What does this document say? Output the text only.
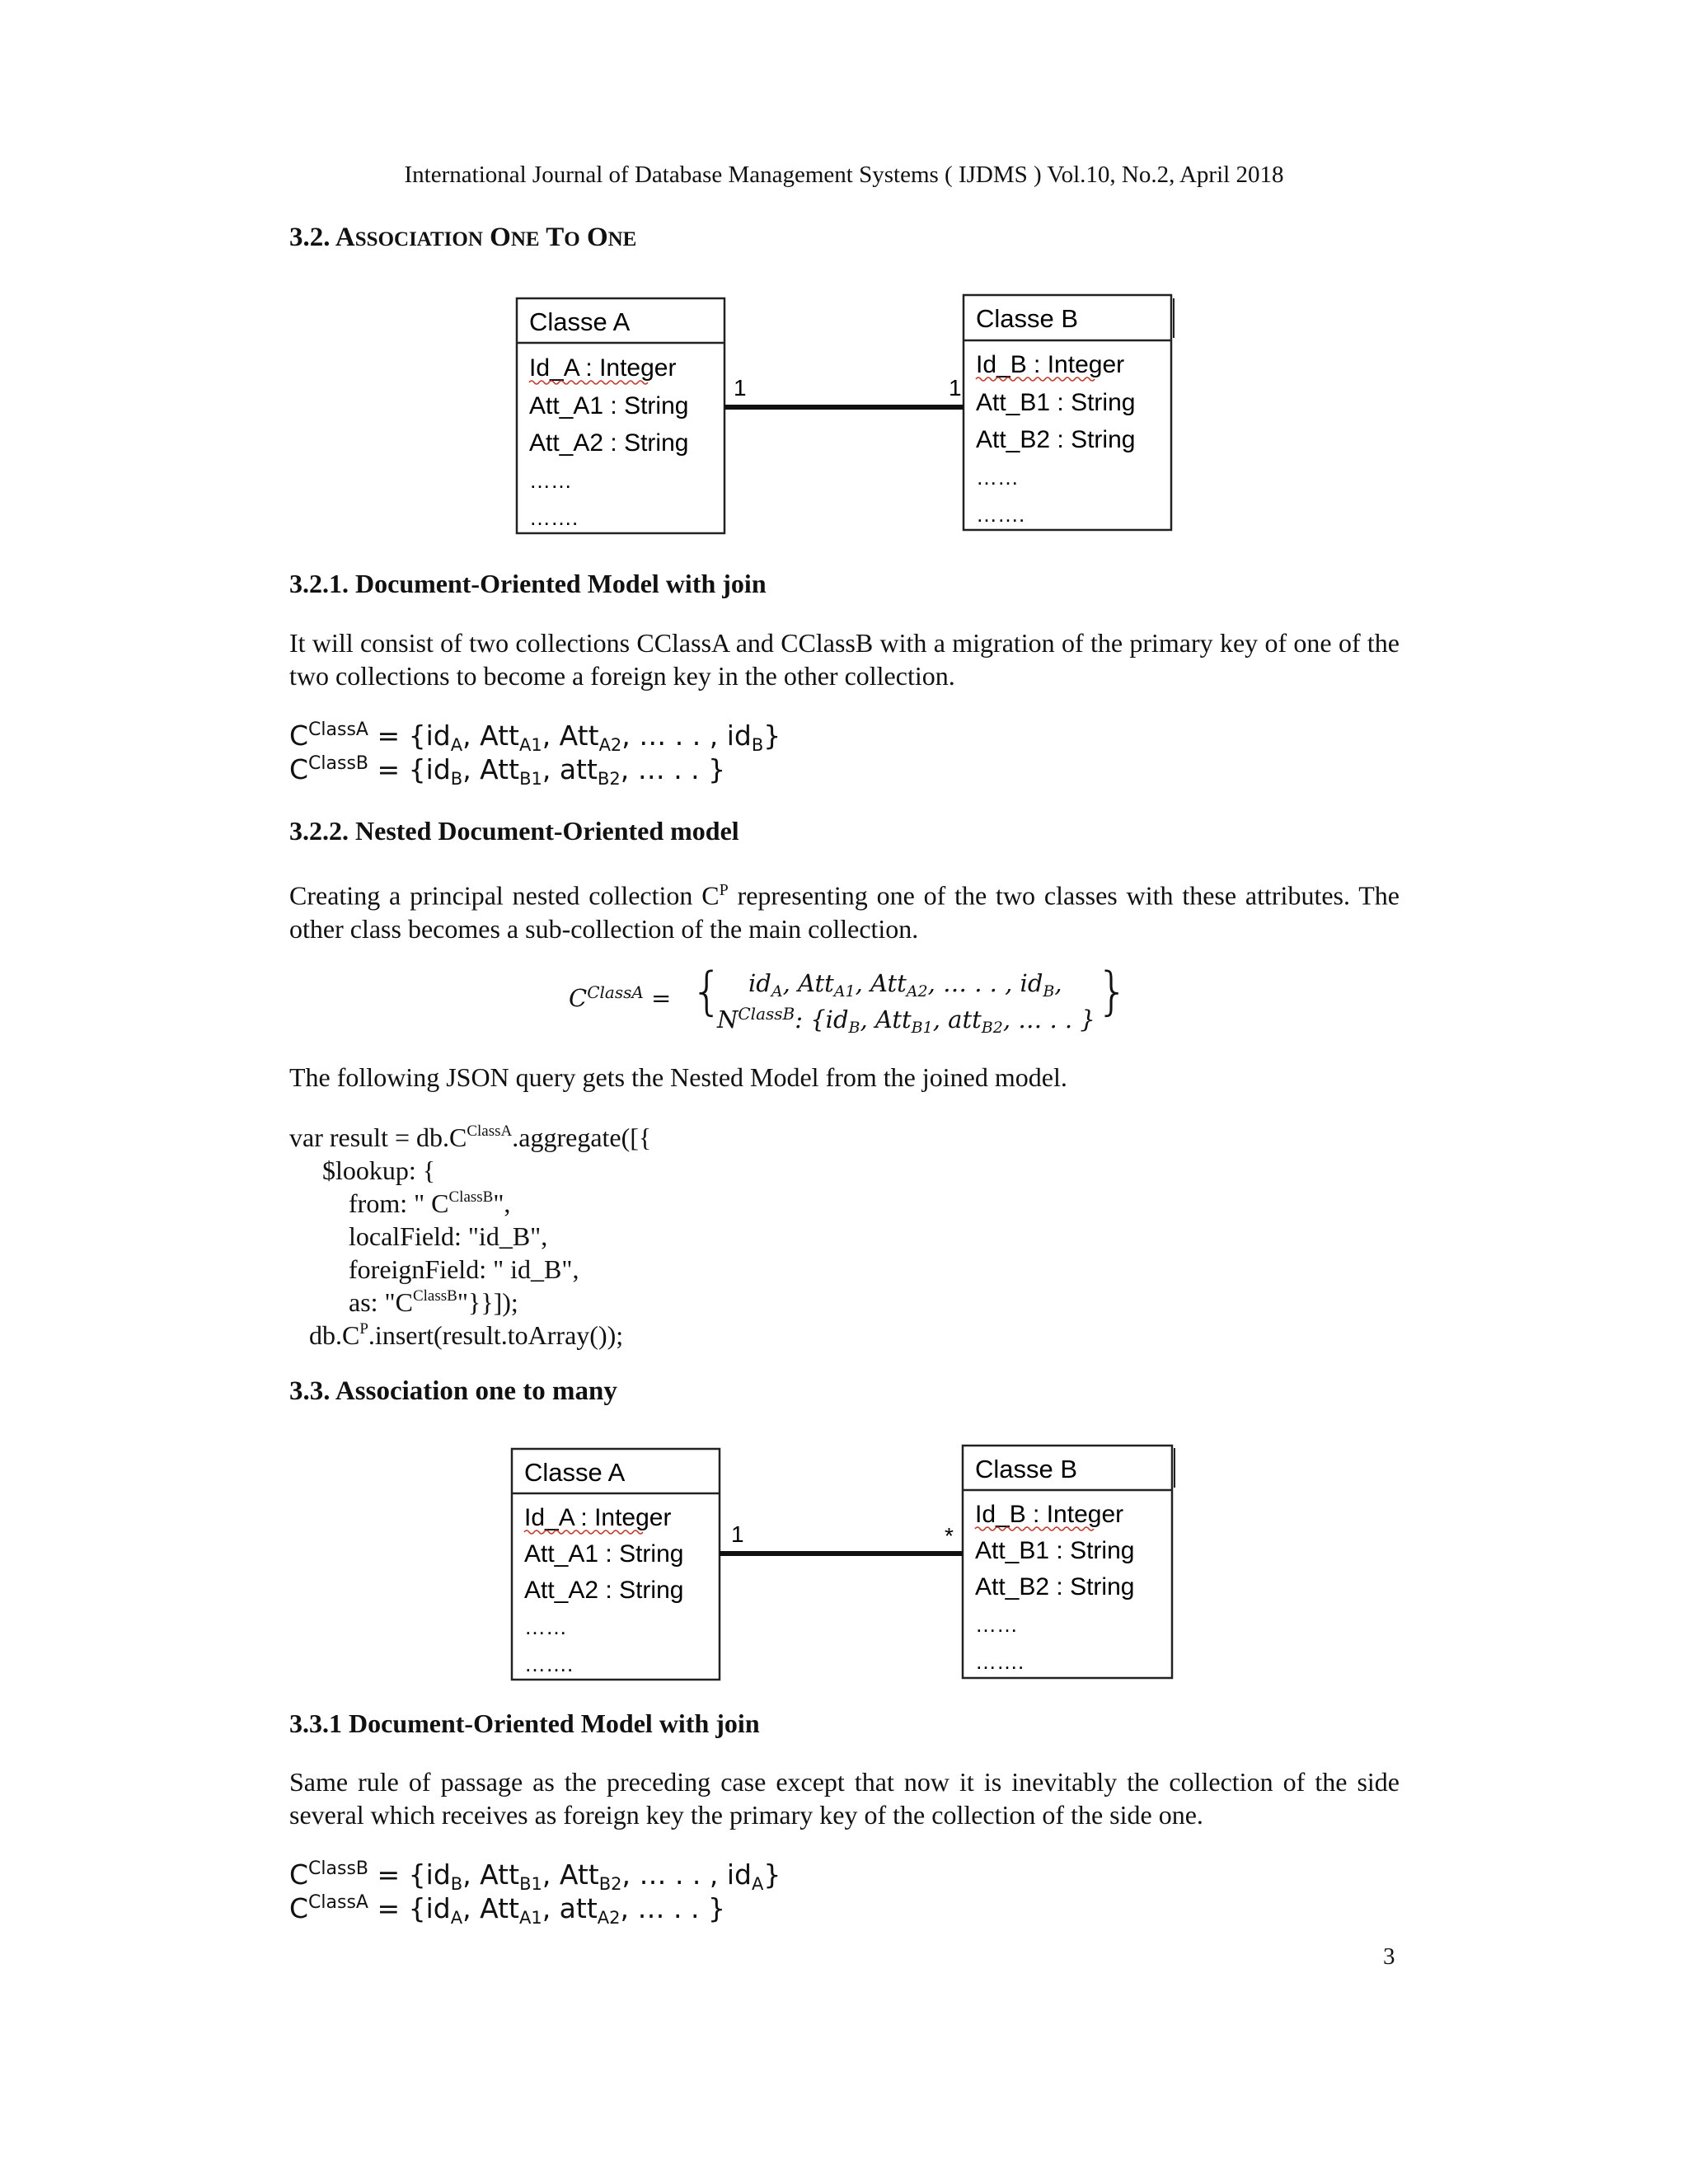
International Journal of Database Management Systems ( IJDMS ) Vol.10, No.2, April 2018
3.2. ASSOCIATION ONE TO ONE
Classe A
Id_A : Integer
Att_A1 : String
Att_A2 : String
……
…….
Classe B
Id_B : Integer
Att_B1 : String
Att_B2 : String
……
…….
1	1
3.2.1. Document-Oriented Model with join
It will consist of two collections CClassA and CClassB with a migration of the primary key of one of the two collections to become a foreign key in the other collection.
$C^{ClassA} = \{id_A$, Att$_{A1}$, Att$_{A2}$, … . . , $id_B$}
$C^{ClassB} = \{id_B$, Att$_{B1}$, att$_{B2}$, … . . }
3.2.2. Nested Document-Oriented model
Creating a principal nested collection $C^P$ representing one of the two classes with these attributes. The other class becomes a sub-collection of the main collection.
$C^{ClassA}$ = { $id_A$, Att$_{A1}$, Att$_{A2}$, … . . , $id_B$,
$N^{ClassB}$: {$id_B$, Att$_{B1}$, att$_{B2}$, … . . } }
The following JSON query gets the Nested Model from the joined model.
var result = $db.C^{ClassA}.aggregate$([{
$lookup: {
from: " $C^{ClassB}$",
localField: "id_B",
foreignField: " id_B",
as: "$C^{ClassB}$"}}]);
$db.C^P.insert(result.toArray())$;
3.3. Association one to many
Classe A
Id_A : Integer
Att_A1 : String
Att_A2 : String
……
…….
Classe B
Id_B : Integer
Att_B1 : String
Att_B2 : String
……
…….
1	*
3.3.1 Document-Oriented Model with join
Same rule of passage as the preceding case except that now it is inevitably the collection of the side several which receives as foreign key the primary key of the collection of the side one.
$C^{ClassB} = \{id_B$, Att$_{B1}$, Att$_{B2}$, … . . , $id_A$}
$C^{ClassA} = \{id_A$, Att$_{A1}$, att$_{A2}$, … . . }
3
